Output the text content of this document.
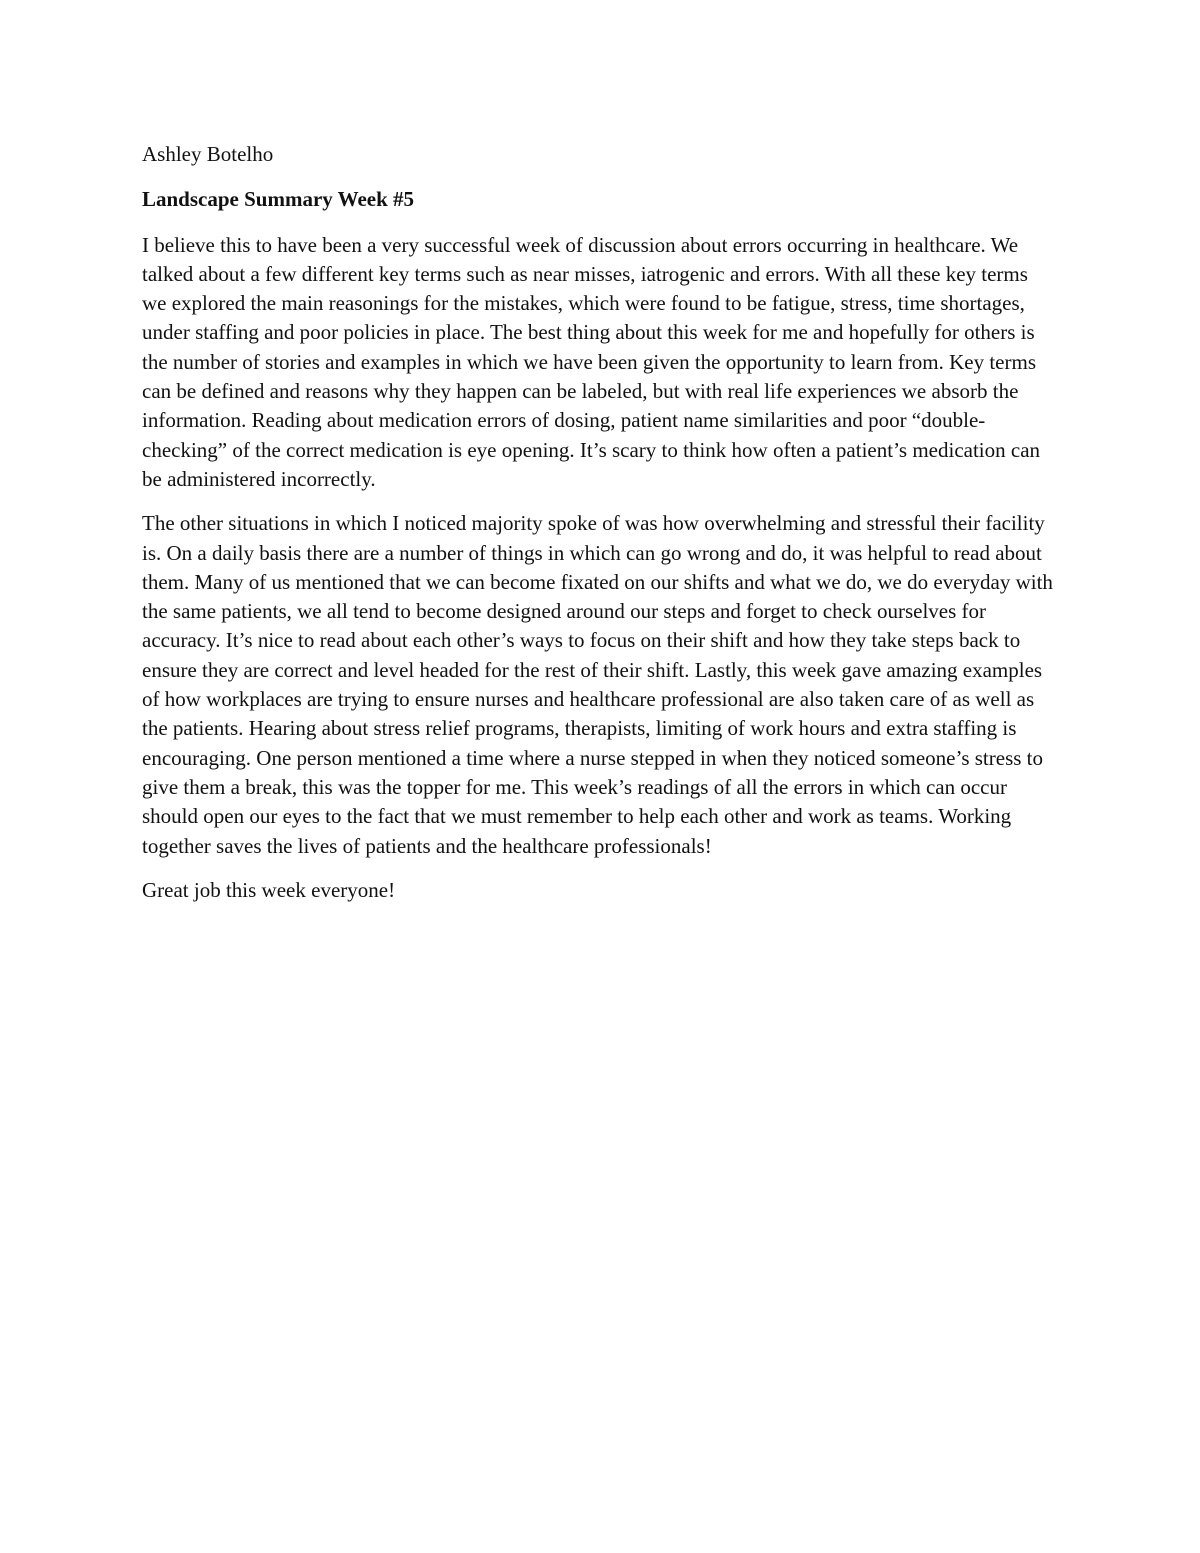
Ashley Botelho

Landscape Summary Week #5

I believe this to have been a very successful week of discussion about errors occurring in healthcare. We talked about a few different key terms such as near misses, iatrogenic and errors. With all these key terms we explored the main reasonings for the mistakes, which were found to be fatigue, stress, time shortages, under staffing and poor policies in place. The best thing about this week for me and hopefully for others is the number of stories and examples in which we have been given the opportunity to learn from. Key terms can be defined and reasons why they happen can be labeled, but with real life experiences we absorb the information. Reading about medication errors of dosing, patient name similarities and poor “double-checking” of the correct medication is eye opening. It’s scary to think how often a patient’s medication can be administered incorrectly.

The other situations in which I noticed majority spoke of was how overwhelming and stressful their facility is. On a daily basis there are a number of things in which can go wrong and do, it was helpful to read about them. Many of us mentioned that we can become fixated on our shifts and what we do, we do everyday with the same patients, we all tend to become designed around our steps and forget to check ourselves for accuracy. It’s nice to read about each other’s ways to focus on their shift and how they take steps back to ensure they are correct and level headed for the rest of their shift. Lastly, this week gave amazing examples of how workplaces are trying to ensure nurses and healthcare professional are also taken care of as well as the patients. Hearing about stress relief programs, therapists, limiting of work hours and extra staffing is encouraging. One person mentioned a time where a nurse stepped in when they noticed someone’s stress to give them a break, this was the topper for me. This week’s readings of all the errors in which can occur should open our eyes to the fact that we must remember to help each other and work as teams. Working together saves the lives of patients and the healthcare professionals!

Great job this week everyone!
